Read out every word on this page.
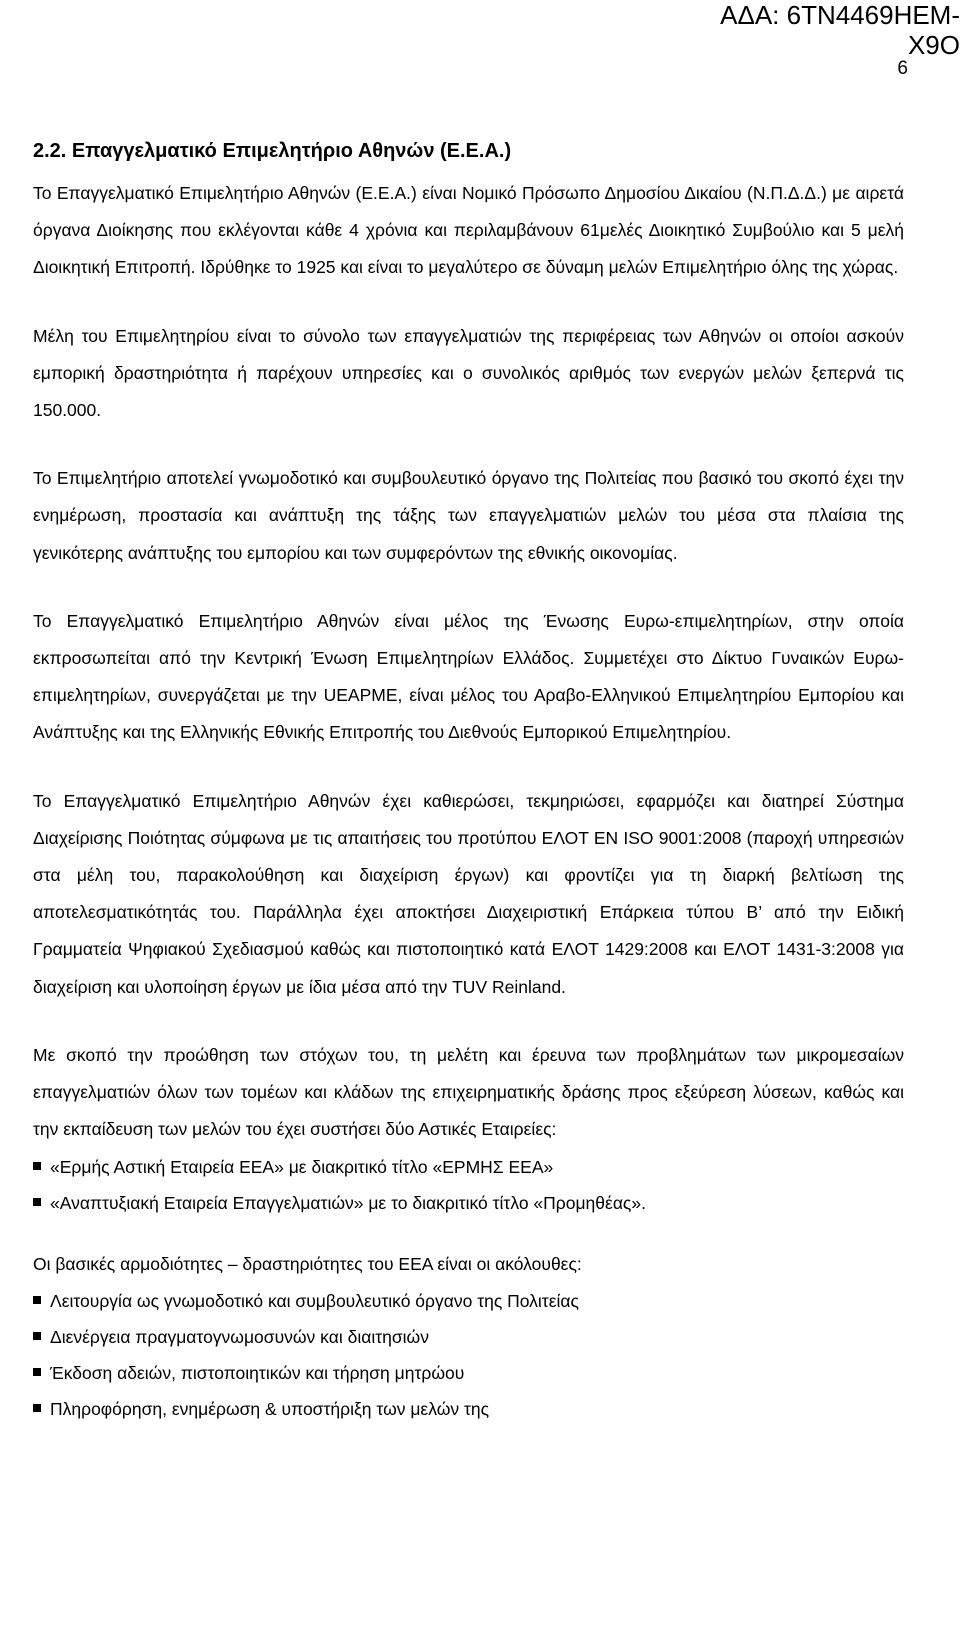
ΑΔΑ: 6ΤΝ4469ΗΕΜ-Χ9Ο
6
2.2. Επαγγελματικό Επιμελητήριο Αθηνών (Ε.Ε.Α.)

Το Επαγγελματικό Επιμελητήριο Αθηνών (Ε.Ε.Α.) είναι Νομικό Πρόσωπο Δημοσίου Δικαίου (Ν.Π.Δ.Δ.) με αιρετά όργανα Διοίκησης που εκλέγονται κάθε 4 χρόνια και περιλαμβάνουν 61μελές Διοικητικό Συμβούλιο και 5 μελή Διοικητική Επιτροπή. Ιδρύθηκε το 1925 και είναι το μεγαλύτερο σε δύναμη μελών Επιμελητήριο όλης της χώρας.

Μέλη του Επιμελητηρίου είναι το σύνολο των επαγγελματιών της περιφέρειας των Αθηνών οι οποίοι ασκούν εμπορική δραστηριότητα ή παρέχουν υπηρεσίες και ο συνολικός αριθμός των ενεργών μελών ξεπερνά τις 150.000.

Το Επιμελητήριο αποτελεί γνωμοδοτικό και συμβουλευτικό όργανο της Πολιτείας που βασικό του σκοπό έχει την ενημέρωση, προστασία και ανάπτυξη της τάξης των επαγγελματιών μελών του μέσα στα πλαίσια της γενικότερης ανάπτυξης του εμπορίου και των συμφερόντων της εθνικής οικονομίας.

Το Επαγγελματικό Επιμελητήριο Αθηνών είναι μέλος της Ένωσης Ευρω-επιμελητηρίων, στην οποία εκπροσωπείται από την Κεντρική Ένωση Επιμελητηρίων Ελλάδος. Συμμετέχει στο Δίκτυο Γυναικών Ευρω-επιμελητηρίων, συνεργάζεται με την UEAPME, είναι μέλος του Αραβο-Ελληνικού Επιμελητηρίου Εμπορίου και Ανάπτυξης και της Ελληνικής Εθνικής Επιτροπής του Διεθνούς Εμπορικού Επιμελητηρίου.

Το Επαγγελματικό Επιμελητήριο Αθηνών έχει καθιερώσει, τεκμηριώσει, εφαρμόζει και διατηρεί Σύστημα Διαχείρισης Ποιότητας σύμφωνα με τις απαιτήσεις του προτύπου ΕΛΟΤ EN ISO 9001:2008 (παροχή υπηρεσιών στα μέλη του, παρακολούθηση και διαχείριση έργων) και φροντίζει για τη διαρκή βελτίωση της αποτελεσματικότητάς του. Παράλληλα έχει αποκτήσει Διαχειριστική Επάρκεια τύπου Β’ από την Ειδική Γραμματεία Ψηφιακού Σχεδιασμού καθώς και πιστοποιητικό κατά ΕΛΟΤ 1429:2008 και ΕΛΟΤ 1431-3:2008 για διαχείριση και υλοποίηση έργων με ίδια μέσα από την TUV Reinland.

Με σκοπό την προώθηση των στόχων του, τη μελέτη και έρευνα των προβλημάτων των μικρομεσαίων επαγγελματιών όλων των τομέων και κλάδων της επιχειρηματικής δράσης προς εξεύρεση λύσεων, καθώς και την εκπαίδευση των μελών του έχει συστήσει δύο Αστικές Εταιρείες:

«Ερμής Αστική Εταιρεία ΕΕΑ» με διακριτικό τίτλο «ΕΡΜΗΣ ΕΕΑ»
«Αναπτυξιακή Εταιρεία Επαγγελματιών» με το διακριτικό τίτλο «Προμηθέας».

Οι βασικές αρμοδιότητες – δραστηριότητες του ΕΕΑ είναι οι ακόλουθες:

Λειτουργία ως γνωμοδοτικό και συμβουλευτικό όργανο της Πολιτείας
Διενέργεια πραγματογνωμοσυνών και διαιτησιών
Έκδοση αδειών, πιστοποιητικών και τήρηση μητρώου
Πληροφόρηση, ενημέρωση & υποστήριξη των μελών της
